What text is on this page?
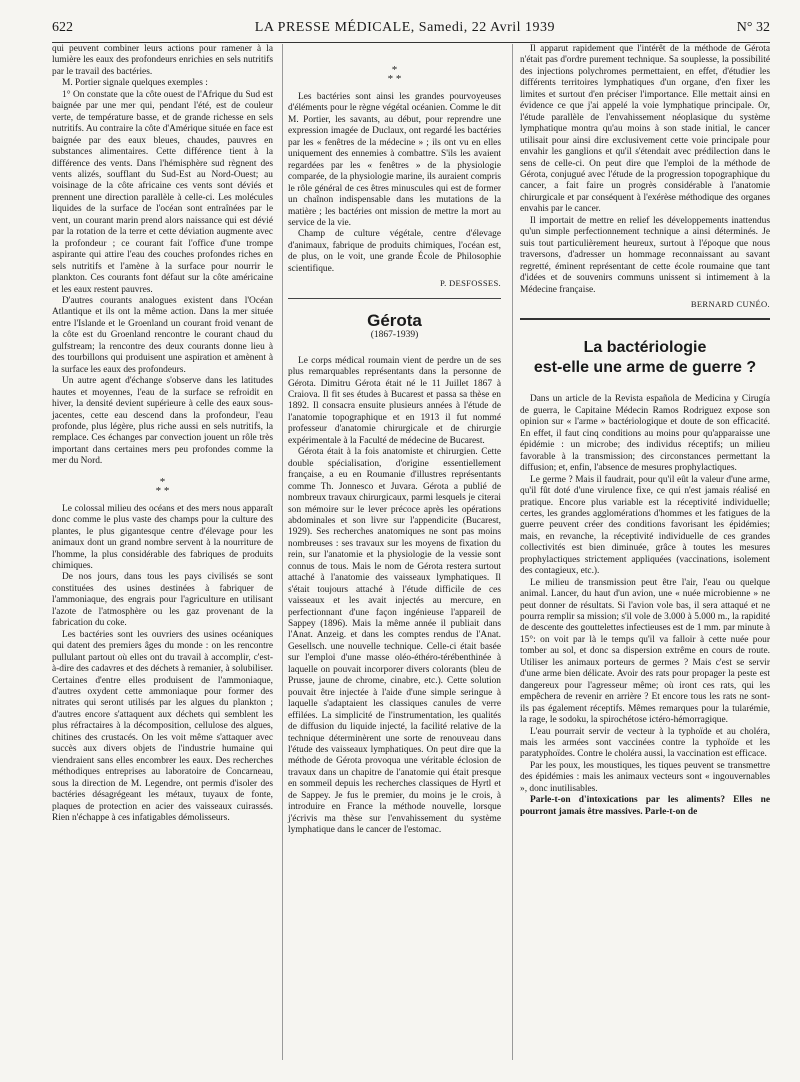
622	LA PRESSE MÉDICALE, Samedi, 22 Avril 1939	N° 32

qui peuvent combiner leurs actions pour ramener à la lumière les eaux des profondeurs enrichies en sels nutritifs par le travail des bactéries.

M. Portier signale quelques exemples :

1° On constate que la côte ouest de l'Afrique du Sud est baignée par une mer qui, pendant l'été, est de couleur verte, de température basse, et de grande richesse en sels nutritifs. Au contraire la côte d'Amérique située en face est baignée par des eaux bleues, chaudes, pauvres en substances alimentaires. Cette différence tient à la différence des vents. Dans l'hémisphère sud règnent des vents alizés, soufflant du Sud-Est au Nord-Ouest; au voisinage de la côte africaine ces vents sont déviés et prennent une direction parallèle à celle-ci. Les molécules liquides de la surface de l'océan sont entraînées par le vent, un courant marin prend alors naissance qui est dévié par la rotation de la terre et cette déviation augmente avec la profondeur ; ce courant fait l'office d'une trompe aspirante qui attire l'eau des couches profondes riches en sels nutritifs et l'amène à la surface pour nourrir le plankton. Ces courants font défaut sur la côte américaine et les eaux restent pauvres.

D'autres courants analogues existent dans l'Océan Atlantique et ils ont la même action. Dans la mer située entre l'Islande et le Groenland un courant froid venant de la côte est du Groenland rencontre le courant chaud du gulfstream; la rencontre des deux courants donne lieu à des tourbillons qui produisent une aspiration et amènent à la surface les eaux des profondeurs.

Un autre agent d'échange s'observe dans les latitudes hautes et moyennes, l'eau de la surface se refroidit en hiver, la densité devient supérieure à celle des eaux sous-jacentes, cette eau descend dans la profondeur, l'eau profonde, plus légère, plus riche aussi en sels nutritifs, la remplace. Ces échanges par convection jouent un rôle très important dans certaines mers peu profondes comme la mer du Nord.

*
* *

Le colossal milieu des océans et des mers nous apparaît donc comme le plus vaste des champs pour la culture des plantes, le plus gigantesque centre d'élevage pour les animaux dont un grand nombre servent à la nourriture de l'homme, la plus considérable des fabriques de produits chimiques.

De nos jours, dans tous les pays civilisés se sont constituées des usines destinées à fabriquer de l'ammoniaque, des engrais pour l'agriculture en utilisant l'azote de l'atmosphère ou les gaz provenant de la fabrication du coke.

Les bactéries sont les ouvriers des usines océaniques qui datent des premiers âges du monde : on les rencontre pullulant partout où elles ont du travail à accomplir, c'est-à-dire des cadavres et des déchets à remanier, à solubiliser. Certaines d'entre elles produisent de l'ammoniaque, d'autres oxydent cette ammoniaque pour former des nitrates qui seront utilisés par les algues du plankton ; d'autres encore s'attaquent aux déchets qui semblent les plus réfractaires à la décomposition, cellulose des algues, chitines des crustacés. On les voit même s'attaquer avec succès aux divers objets de l'industrie humaine qui viendraient sans elles encombrer les eaux. Des recherches méthodiques entreprises au laboratoire de Concarneau, sous la direction de M. Legendre, ont permis d'isoler des bactéries désagrégeant les métaux, tuyaux de fonte, plaques de protection en acier des vaisseaux cuirassés. Rien n'échappe à ces infatigables démolisseurs.

*
* *

Les bactéries sont ainsi les grandes pourvoyeuses d'éléments pour le règne végétal océanien. Comme le dit M. Portier, les savants, au début, pour reprendre une expression imagée de Duclaux, ont regardé les bactéries par les « fenêtres de la médecine » ; ils ont vu en elles uniquement des ennemies à combattre. S'ils les avaient regardées par les « fenêtres » de la physiologie comparée, de la physiologie marine, ils auraient compris le rôle général de ces êtres minuscules qui est de former un chaînon indispensable dans les mutations de la matière ; les bactéries ont mission de mettre la mort au service de la vie.

Champ de culture végétale, centre d'élevage d'animaux, fabrique de produits chimiques, l'océan est, de plus, on le voit, une grande École de Philosophie scientifique.

P. DESFOSSES.
Gérota
(1867-1939)

Le corps médical roumain vient de perdre un de ses plus remarquables représentants dans la personne de Gérota. Dimitru Gérota était né le 11 Juillet 1867 à Craiova. Il fit ses études à Bucarest et passa sa thèse en 1892. Il consacra ensuite plusieurs années à l'étude de l'anatomie topographique et en 1913 il fut nommé professeur d'anatomie chirurgicale et de chirurgie expérimentale à la Faculté de médecine de Bucarest.

Gérota était à la fois anatomiste et chirurgien. Cette double spécialisation, d'origine essentiellement française, a eu en Roumanie d'illustres représentants comme Th. Jonnesco et Juvara. Gérota a publié de nombreux travaux chirurgicaux, parmi lesquels je citerai son mémoire sur le lever précoce après les opérations abdominales et son livre sur l'appendicite (Bucarest, 1929). Ses recherches anatomiques ne sont pas moins nombreuses : ses travaux sur les moyens de fixation du rein, sur l'anatomie et la physiologie de la vessie sont connus de tous. Mais le nom de Gérota restera surtout attaché à l'anatomie des vaisseaux lymphatiques. Il s'était toujours attaché à l'étude difficile de ces vaisseaux et les avait injectés au mercure, en perfectionnant d'une façon ingénieuse l'appareil de Sappey (1896). Mais la même année il publiait dans l'Anat. Anzeig. et dans les comptes rendus de l'Anat. Gesellsch. une nouvelle technique. Celle-ci était basée sur l'emploi d'une masse oléo-éthéro-térébenthinée à laquelle on pouvait incorporer divers colorants (bleu de Prusse, jaune de chrome, cinabre, etc.). Cette solution pouvait être injectée à l'aide d'une simple seringue à laquelle s'adaptaient les classiques canules de verre effilées. La simplicité de l'instrumentation, les qualités de diffusion du liquide injecté, la facilité relative de la technique déterminèrent une sorte de renouveau dans l'étude des vaisseaux lymphatiques. On peut dire que la méthode de Gérota provoqua une véritable éclosion de travaux dans un chapitre de l'anatomie qui était presque en sommeil depuis les recherches classiques de Hyrtl et de Sappey. Je fus le premier, du moins je le crois, à introduire en France la méthode nouvelle, lorsque j'écrivis ma thèse sur l'envahissement du système lymphatique dans le cancer de l'estomac.

Il apparut rapidement que l'intérêt de la méthode de Gérota n'était pas d'ordre purement technique. Sa souplesse, la possibilité des injections polychromes permettaient, en effet, d'étudier les différents territoires lymphatiques d'un organe, d'en fixer les limites et surtout d'en préciser l'importance. Elle mettait ainsi en évidence ce que j'ai appelé la voie lymphatique principale. Or, l'étude parallèle de l'envahissement néoplasique du système lymphatique montra qu'au moins à son stade initial, le cancer utilisait pour ainsi dire exclusivement cette voie principale pour envahir les ganglions et qu'il s'étendait avec prédilection dans le sens de celle-ci. On peut dire que l'emploi de la méthode de Gérota, conjugué avec l'étude de la progression topographique du cancer, a fait faire un progrès considérable à l'anatomie chirurgicale et par conséquent à l'exérèse méthodique des organes envahis par le cancer.

Il importait de mettre en relief les développements inattendus qu'un simple perfectionnement technique a ainsi déterminés. Je suis tout particulièrement heureux, surtout à l'époque que nous traversons, d'adresser un hommage reconnaissant au savant regretté, éminent représentant de cette école roumaine que tant d'idées et de souvenirs communs unissent si intimement à la Médecine française.

BERNARD CUNÉO.
La bactériologie
est-elle une arme de guerre ?

Dans un article de la Revista española de Medicina y Cirugía de guerra, le Capitaine Médecin Ramos Rodriguez expose son opinion sur « l'arme » bactériologique et doute de son efficacité. En effet, il faut cinq conditions au moins pour qu'apparaisse une épidémie : un microbe; des individus réceptifs; un milieu favorable à la transmission; des circonstances permettant la diffusion; et, enfin, l'absence de mesures prophylactiques.

Le germe ? Mais il faudrait, pour qu'il eût la valeur d'une arme, qu'il fût doté d'une virulence fixe, ce qui n'est jamais réalisé en pratique. Encore plus variable est la réceptivité individuelle; certes, les grandes agglomérations d'hommes et les fatigues de la guerre peuvent créer des conditions favorisant les épidémies; mais, en revanche, la réceptivité individuelle de ces grandes collectivités est bien diminuée, grâce à toutes les mesures prophylactiques strictement appliquées (vaccinations, isolement des contagieux, etc.).

Le milieu de transmission peut être l'air, l'eau ou quelque animal. Lancer, du haut d'un avion, une « nuée microbienne » ne peut donner de résultats. Si l'avion vole bas, il sera attaqué et ne pourra remplir sa mission; s'il vole de 3.000 à 5.000 m., la rapidité de descente des gouttelettes infectieuses est de 1 mm. par minute à 15°: on voit par là le temps qu'il va falloir à cette nuée pour tomber au sol, et donc sa dispersion extrême en cours de route. Utiliser les animaux porteurs de germes ? Mais c'est se servir d'une arme bien délicate. Avoir des rats pour propager la peste est dangereux pour l'agresseur même; où iront ces rats, qui les empêchera de revenir en arrière ? Et encore tous les rats ne sont-ils pas également réceptifs. Mêmes remarques pour la tularémie, la rage, le sodoku, la spirochétose ictéro-hémorragique.

L'eau pourrait servir de vecteur à la typhoïde et au choléra, mais les armées sont vaccinées contre la typhoïde et les paratyphoïdes. Contre le choléra aussi, la vaccination est efficace.

Par les poux, les moustiques, les tiques peuvent se transmettre des épidémies : mais les animaux vecteurs sont « ingouvernables », donc inutilisables.

Parle-t-on d'intoxications par les aliments? Elles ne pourront jamais être massives. Parle-t-on de
